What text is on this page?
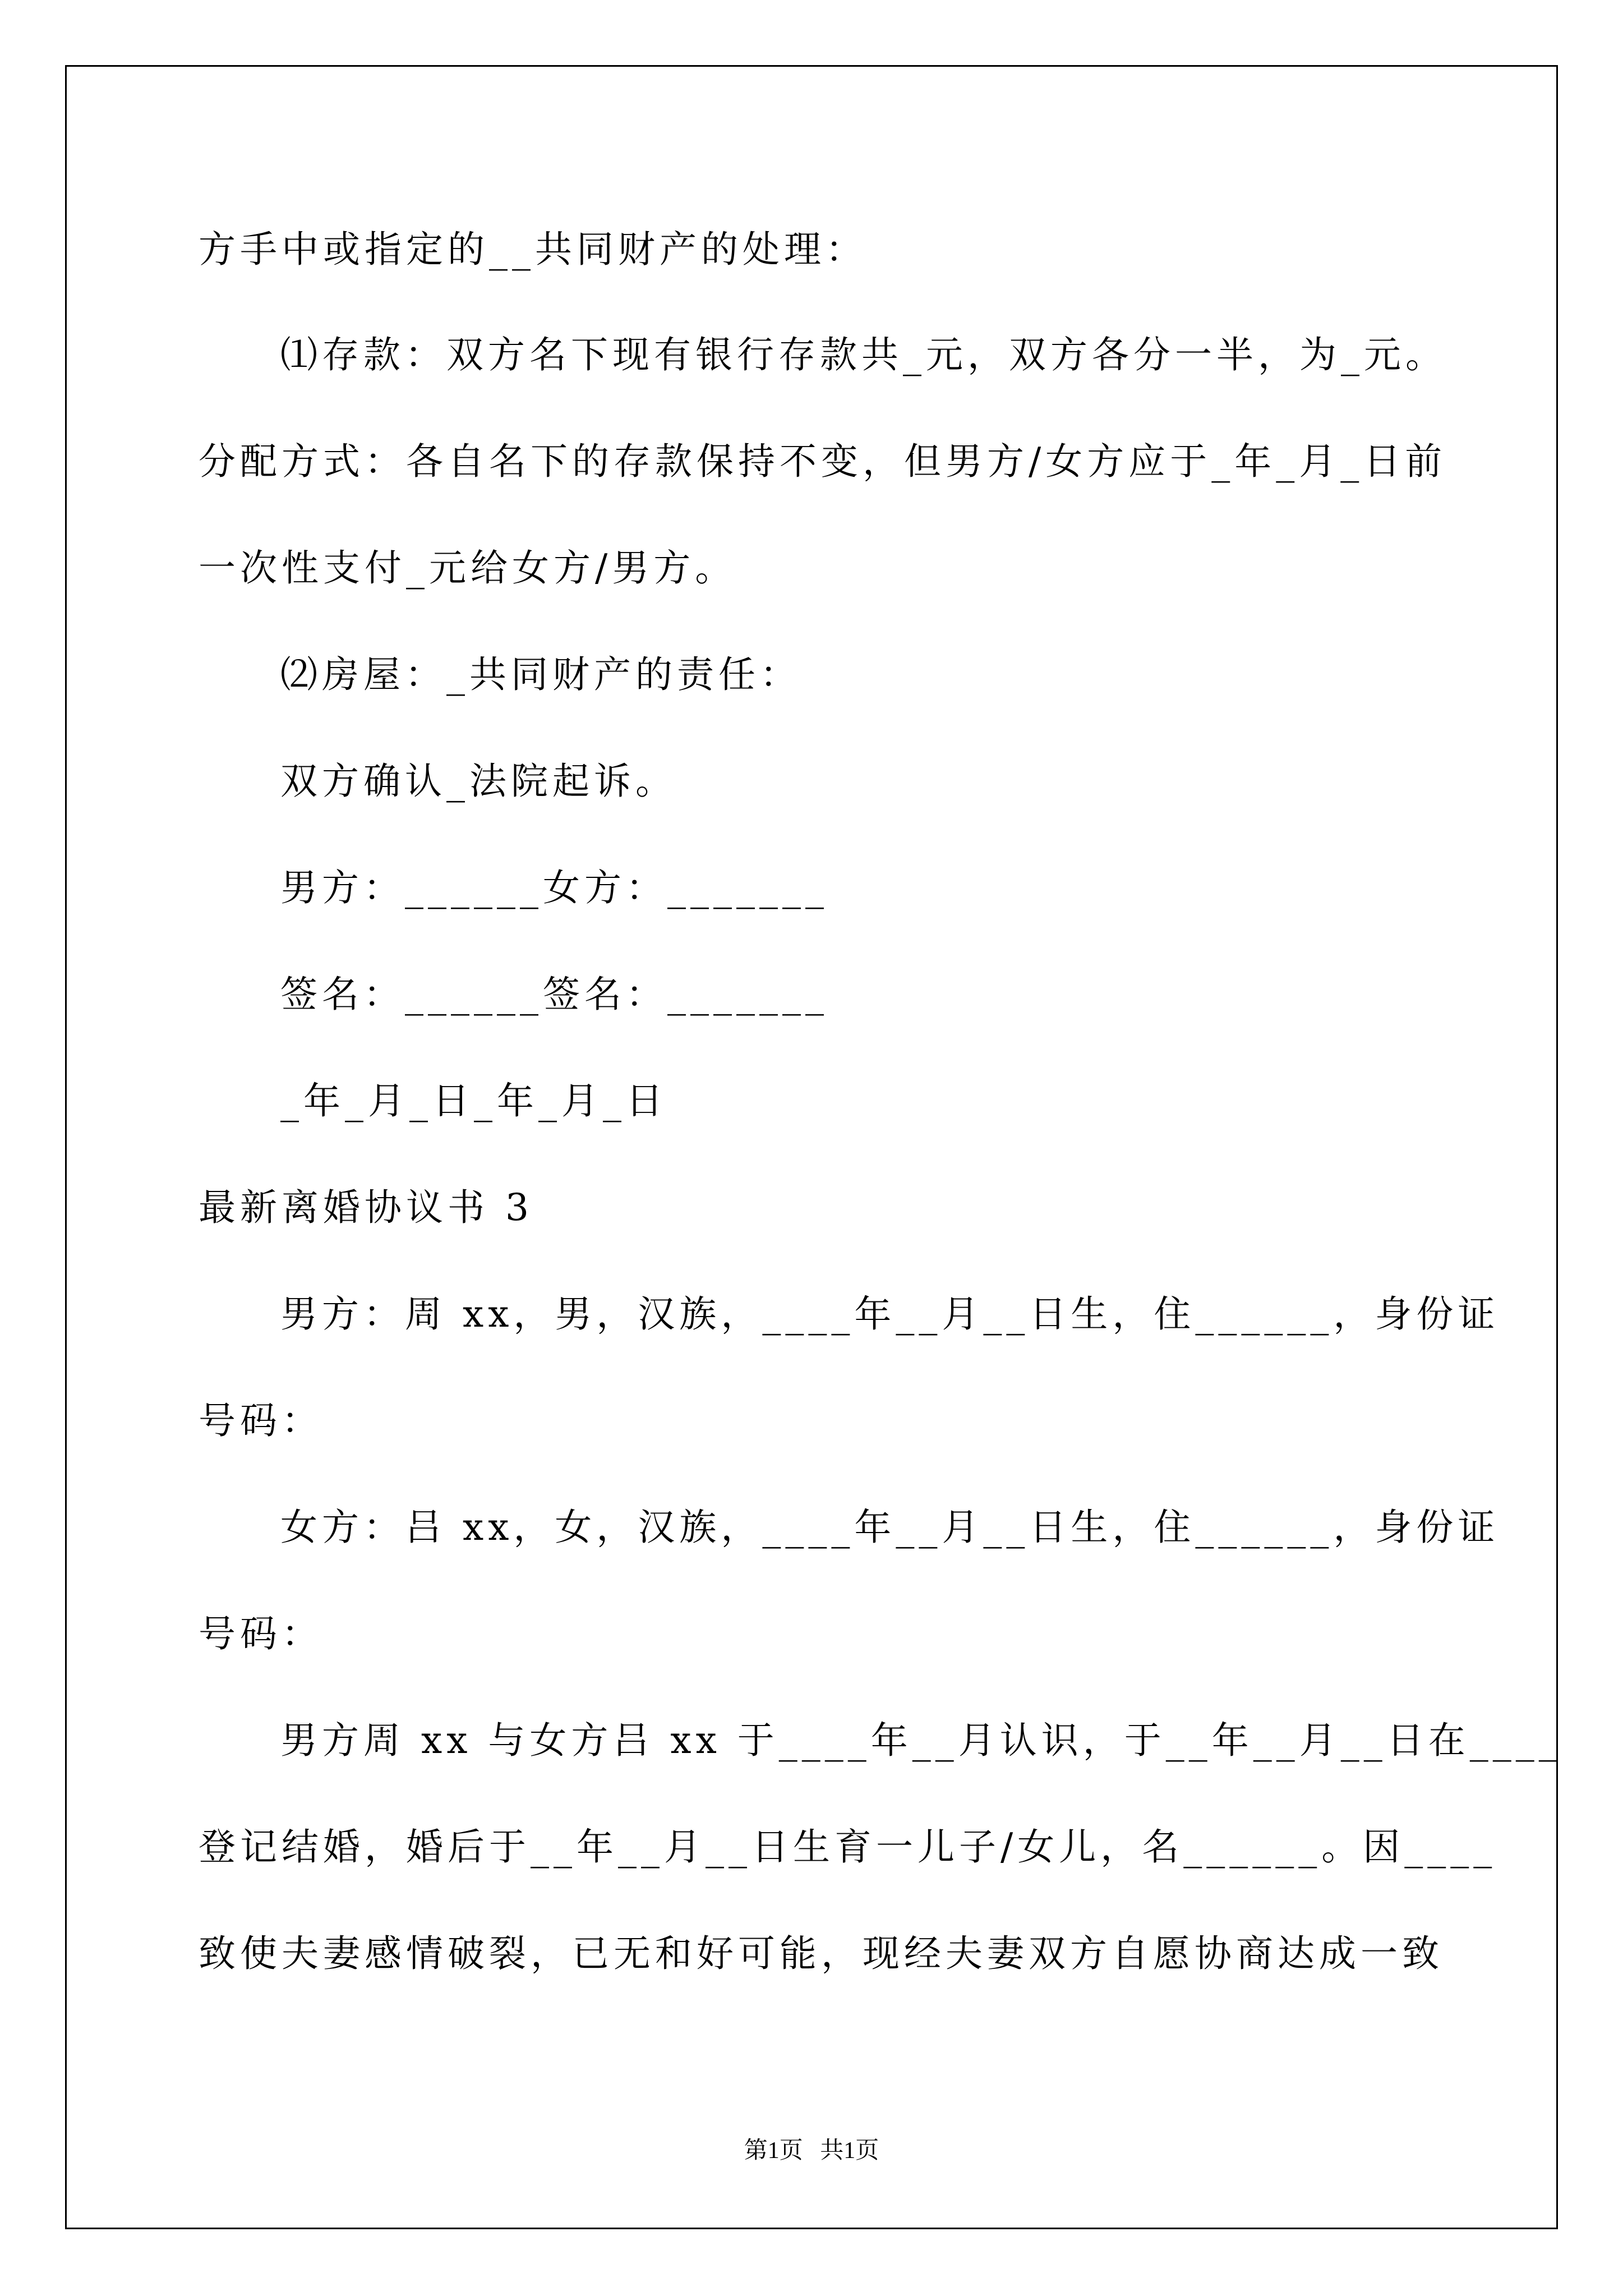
方手中或指定的__共同财产的处理：
⑴存款：双方名下现有银行存款共_元，双方各分一半，为_元。
分配方式：各自名下的存款保持不变，但男方/女方应于_年_月_日前
一次性支付_元给女方/男方。
⑵房屋：_共同财产的责任：
双方确认_法院起诉。
男方：______女方：_______
签名：______签名：_______
_年_月_日_年_月_日
最新离婚协议书 3
男方：周 xx，男，汉族，____年__月__日生，住______，身份证
号码：
女方：吕 xx，女，汉族，____年__月__日生，住______，身份证
号码：
男方周 xx 与女方吕 xx 于____年__月认识，于__年__月__日在____
登记结婚，婚后于__年__月__日生育一儿子/女儿，名______。因____
致使夫妻感情破裂，已无和好可能，现经夫妻双方自愿协商达成一致
第1页 共1页
